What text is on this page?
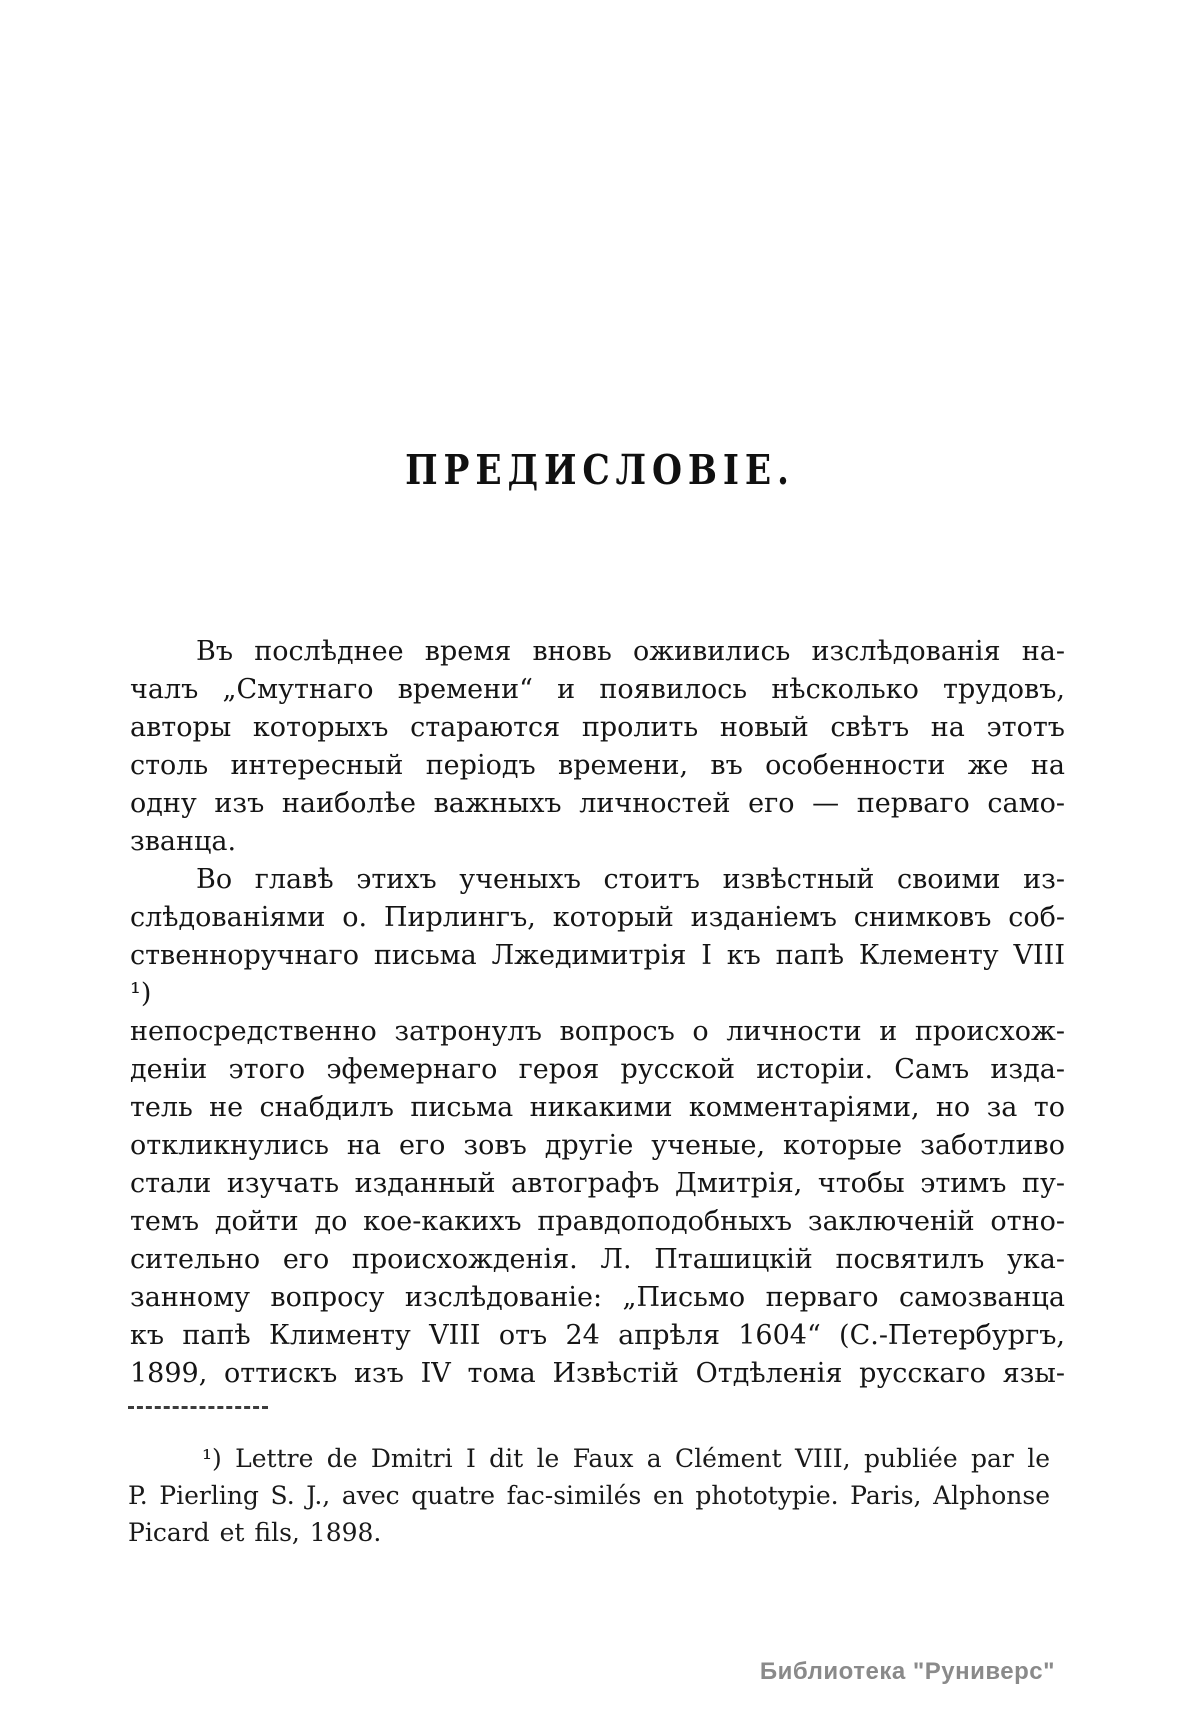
ПРЕДИСЛОВІЕ.
Въ послѣднее время вновь оживились изслѣдованія на-
чалъ „Смутнаго времени“ и появилось нѣсколько трудовъ,
авторы которыхъ стараются пролить новый свѣтъ на этотъ
столь интересный періодъ времени, въ особенности же на
одну изъ наиболѣе важныхъ личностей его — перваго само-
званца.
Во главѣ этихъ ученыхъ стоитъ извѣстный своими из-
слѣдованіями о. Пирлингъ, который изданіемъ снимковъ соб-
ственноручнаго письма Лжедимитрія I къ папѣ Клементу VIII ¹)
непосредственно затронулъ вопросъ о личности и происхож-
деніи этого эфемернаго героя русской исторіи. Самъ изда-
тель не снабдилъ письма никакими комментаріями, но за то
откликнулись на его зовъ другіе ученые, которые заботливо
стали изучать изданный автографъ Дмитрія, чтобы этимъ пу-
темъ дойти до кое-какихъ правдоподобныхъ заключеній отно-
сительно его происхожденія. Л. Пташицкій посвятилъ ука-
занному вопросу изслѣдованіе: „Письмо перваго самозванца
къ папѣ Клименту VIII отъ 24 апрѣля 1604“ (С.-Петербургъ,
1899, оттискъ изъ IV тома Извѣстій Отдѣленія русскаго язы-
¹) Lettre de Dmitri I dit le Faux a Clément VIII, publiée par le
P. Pierling S. J., avec quatre fac-similés en phototypie. Paris, Alphonse
Picard et fils, 1898.
Библиотека "Руниверс"
